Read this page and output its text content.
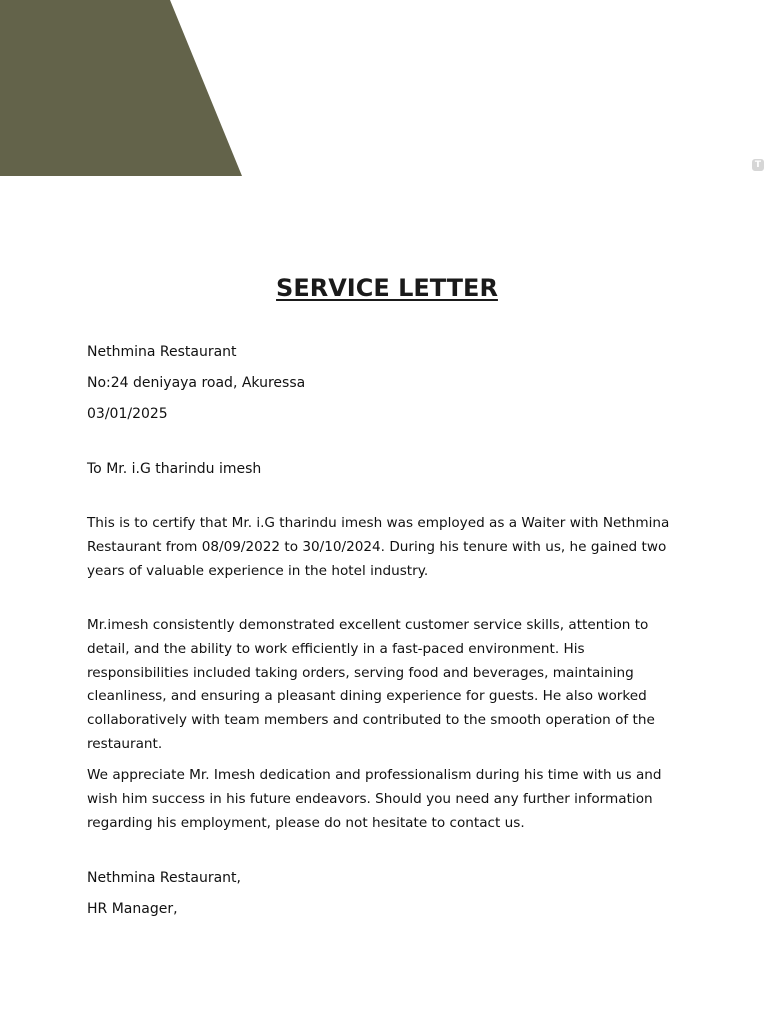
T
SERVICE LETTER

Nethmina Restaurant

No:24 deniyaya road, Akuressa

03/01/2025

To Mr. i.G tharindu imesh

This is to certify that Mr. i.G tharindu imesh was employed as a Waiter with Nethmina Restaurant from 08/09/2022 to 30/10/2024. During his tenure with us, he gained two years of valuable experience in the hotel industry.

Mr.imesh consistently demonstrated excellent customer service skills, attention to detail, and the ability to work efficiently in a fast-paced environment. His responsibilities included taking orders, serving food and beverages, maintaining cleanliness, and ensuring a pleasant dining experience for guests. He also worked collaboratively with team members and contributed to the smooth operation of the restaurant.

We appreciate Mr. Imesh dedication and professionalism during his time with us and wish him success in his future endeavors. Should you need any further information regarding his employment, please do not hesitate to contact us.

Nethmina Restaurant,

HR Manager,
